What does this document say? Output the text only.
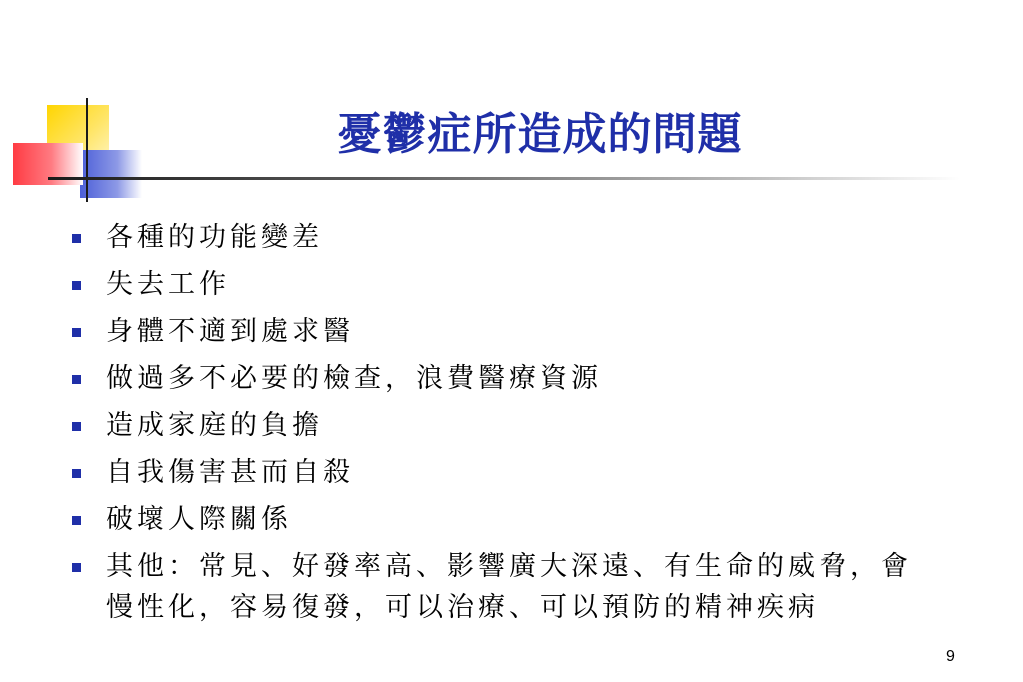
憂鬱症所造成的問題
各種的功能變差
失去工作
身體不適到處求醫
做過多不必要的檢查，浪費醫療資源
造成家庭的負擔
自我傷害甚而自殺
破壞人際關係
其他：常見、好發率高、影響廣大深遠、有生命的威脅，會慢性化，容易復發，可以治療、可以預防的精神疾病
9
